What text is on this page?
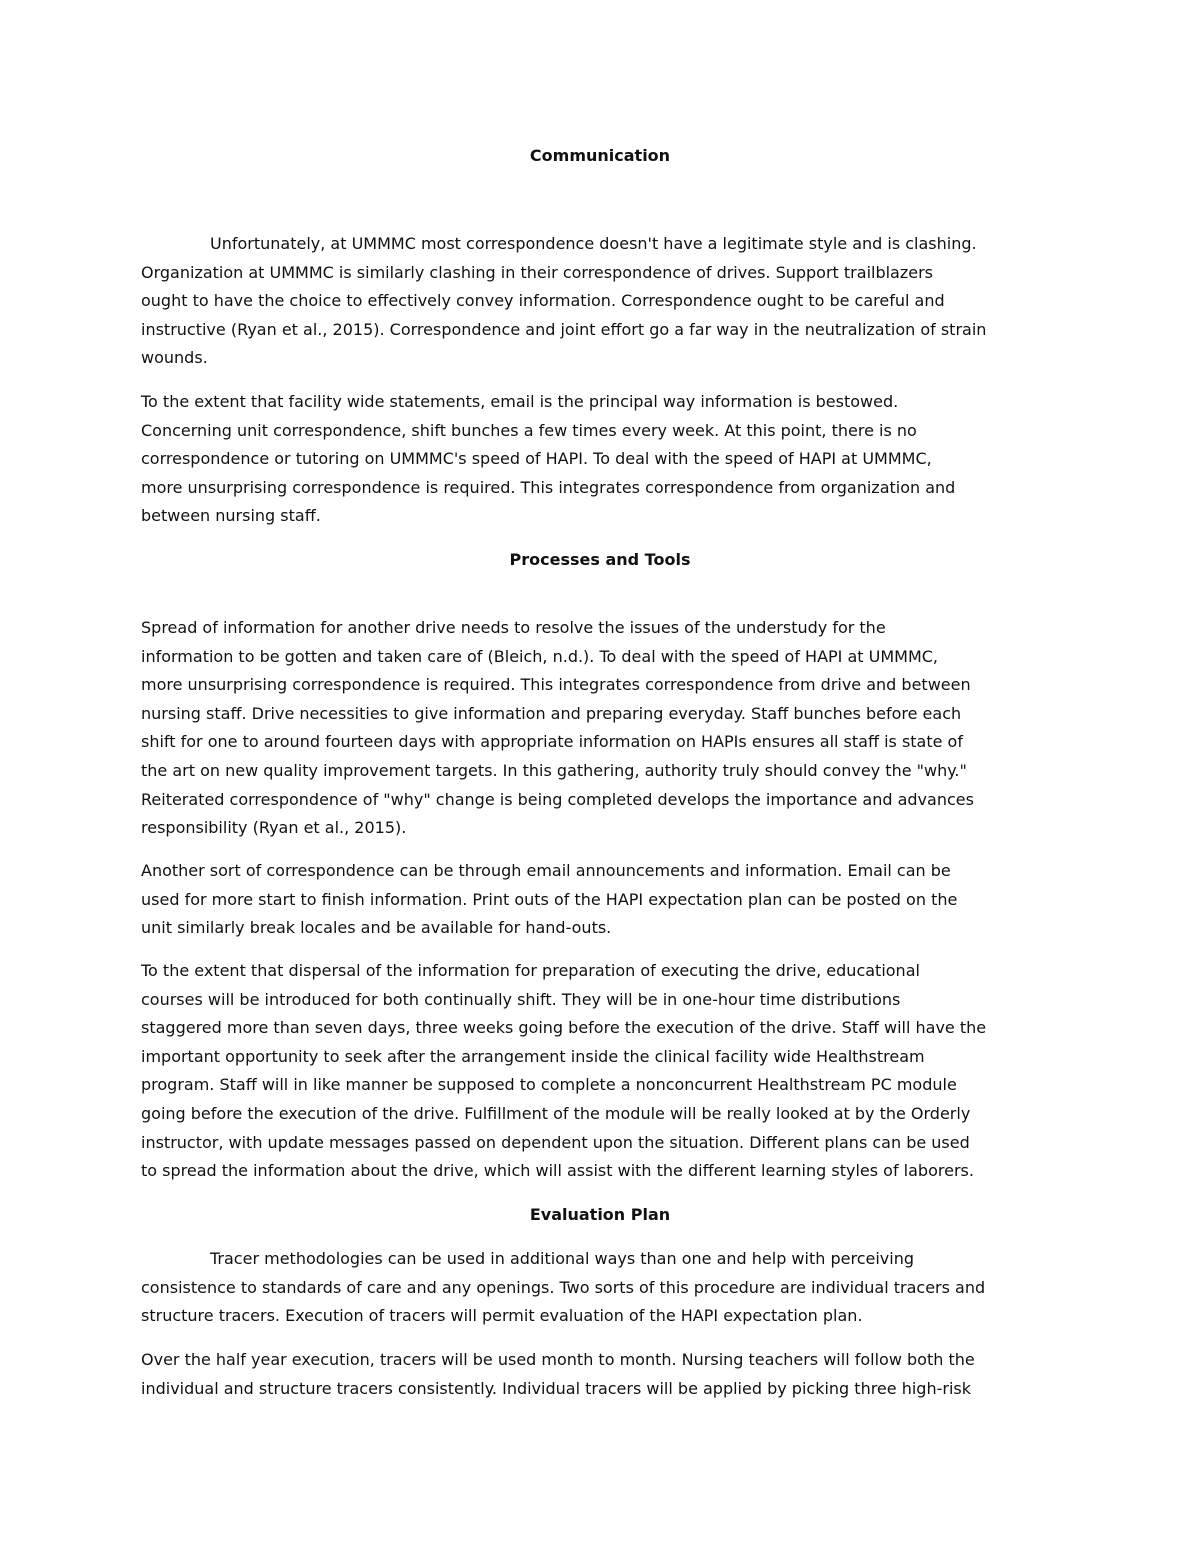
Communication
Unfortunately, at UMMMC most correspondence doesn't have a legitimate style and is clashing.
Organization at UMMMC is similarly clashing in their correspondence of drives. Support trailblazers
ought to have the choice to effectively convey information. Correspondence ought to be careful and
instructive (Ryan et al., 2015). Correspondence and joint effort go a far way in the neutralization of strain
wounds.
To the extent that facility wide statements, email is the principal way information is bestowed.
Concerning unit correspondence, shift bunches a few times every week. At this point, there is no
correspondence or tutoring on UMMMC's speed of HAPI. To deal with the speed of HAPI at UMMMC,
more unsurprising correspondence is required. This integrates correspondence from organization and
between nursing staff.
Processes and Tools
Spread of information for another drive needs to resolve the issues of the understudy for the
information to be gotten and taken care of (Bleich, n.d.). To deal with the speed of HAPI at UMMMC,
more unsurprising correspondence is required. This integrates correspondence from drive and between
nursing staff. Drive necessities to give information and preparing everyday. Staff bunches before each
shift for one to around fourteen days with appropriate information on HAPIs ensures all staff is state of
the art on new quality improvement targets. In this gathering, authority truly should convey the "why."
Reiterated correspondence of "why" change is being completed develops the importance and advances
responsibility (Ryan et al., 2015).
Another sort of correspondence can be through email announcements and information. Email can be
used for more start to finish information. Print outs of the HAPI expectation plan can be posted on the
unit similarly break locales and be available for hand-outs.
To the extent that dispersal of the information for preparation of executing the drive, educational
courses will be introduced for both continually shift. They will be in one-hour time distributions
staggered more than seven days, three weeks going before the execution of the drive. Staff will have the
important opportunity to seek after the arrangement inside the clinical facility wide Healthstream
program. Staff will in like manner be supposed to complete a nonconcurrent Healthstream PC module
going before the execution of the drive. Fulfillment of the module will be really looked at by the Orderly
instructor, with update messages passed on dependent upon the situation. Different plans can be used
to spread the information about the drive, which will assist with the different learning styles of laborers.
Evaluation Plan
Tracer methodologies can be used in additional ways than one and help with perceiving
consistence to standards of care and any openings. Two sorts of this procedure are individual tracers and
structure tracers. Execution of tracers will permit evaluation of the HAPI expectation plan.
Over the half year execution, tracers will be used month to month. Nursing teachers will follow both the
individual and structure tracers consistently. Individual tracers will be applied by picking three high-risk
